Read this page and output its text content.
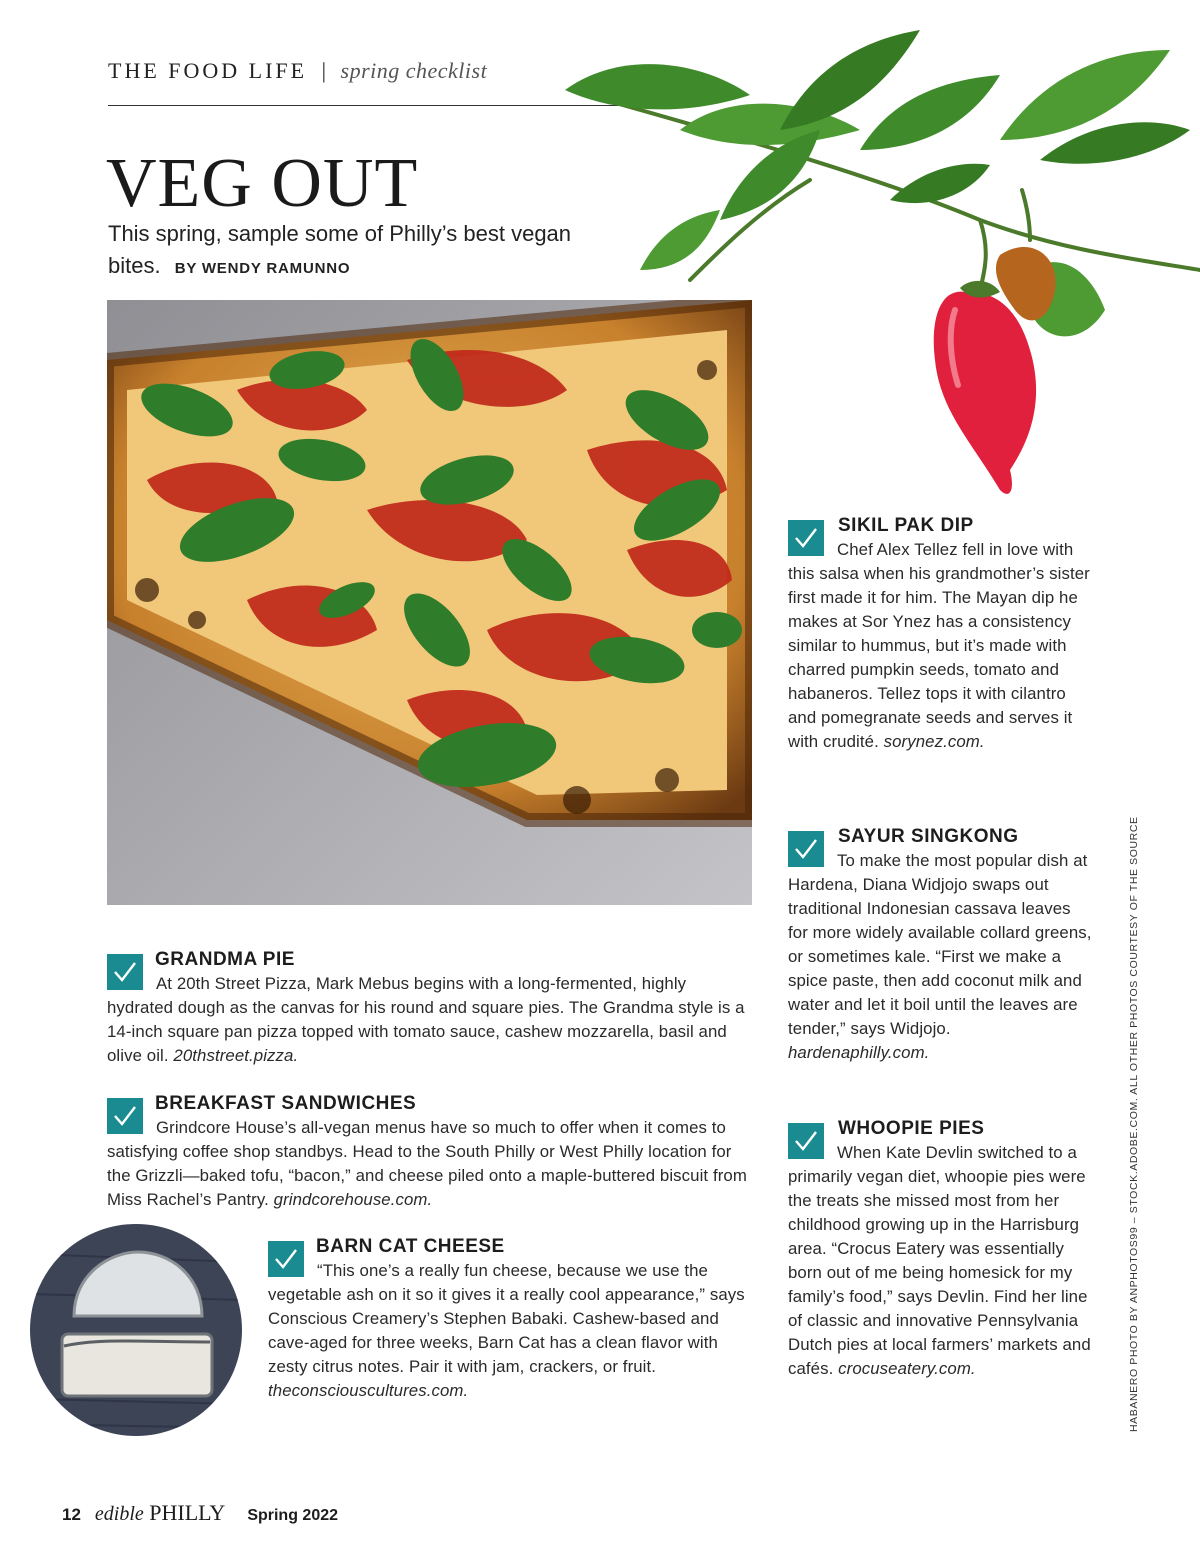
THE FOOD LIFE | spring checklist
VEG OUT
This spring, sample some of Philly’s best vegan bites. BY WENDY RAMUNNO
GRANDMA PIE

At 20th Street Pizza, Mark Mebus begins with a long-fermented, highly hydrated dough as the canvas for his round and square pies. The Grandma style is a 14-inch square pan pizza topped with tomato sauce, cashew mozzarella, basil and olive oil. 20thstreet.pizza.

BREAKFAST SANDWICHES

Grindcore House’s all-vegan menus have so much to offer when it comes to satisfying coffee shop standbys. Head to the South Philly or West Philly location for the Grizzli—baked tofu, “bacon,” and cheese piled onto a maple-buttered biscuit from Miss Rachel’s Pantry. grindcorehouse.com.

BARN CAT CHEESE

“This one’s a really fun cheese, because we use the vegetable ash on it so it gives it a really cool appearance,” says Conscious Creamery’s Stephen Babaki. Cashew-based and cave-aged for three weeks, Barn Cat has a clean flavor with zesty citrus notes. Pair it with jam, crackers, or fruit. theconsciouscultures.com.

SIKIL PAK DIP

Chef Alex Tellez fell in love with this salsa when his grandmother’s sister first made it for him. The Mayan dip he makes at Sor Ynez has a consistency similar to hummus, but it’s made with charred pumpkin seeds, tomato and habaneros. Tellez tops it with cilantro and pomegranate seeds and serves it with crudité. sorynez.com.

SAYUR SINGKONG

To make the most popular dish at Hardena, Diana Widjojo swaps out traditional Indonesian cassava leaves for more widely available collard greens, or sometimes kale. “First we make a spice paste, then add coconut milk and water and let it boil until the leaves are tender,” says Widjojo. hardenaphilly.com.

WHOOPIE PIES

When Kate Devlin switched to a primarily vegan diet, whoopie pies were the treats she missed most from her childhood growing up in the Harrisburg area. “Crocus Eatery was essentially born out of me being homesick for my family’s food,” says Devlin. Find her line of classic and innovative Pennsylvania Dutch pies at local farmers’ markets and cafés. crocuseatery.com.	HABANERO PHOTO BY ANPHOTOS99 – STOCK.ADOBE.COM. ALL OTHER PHOTOS COURTESY OF THE SOURCE
12 edible PHILLY Spring 2022
